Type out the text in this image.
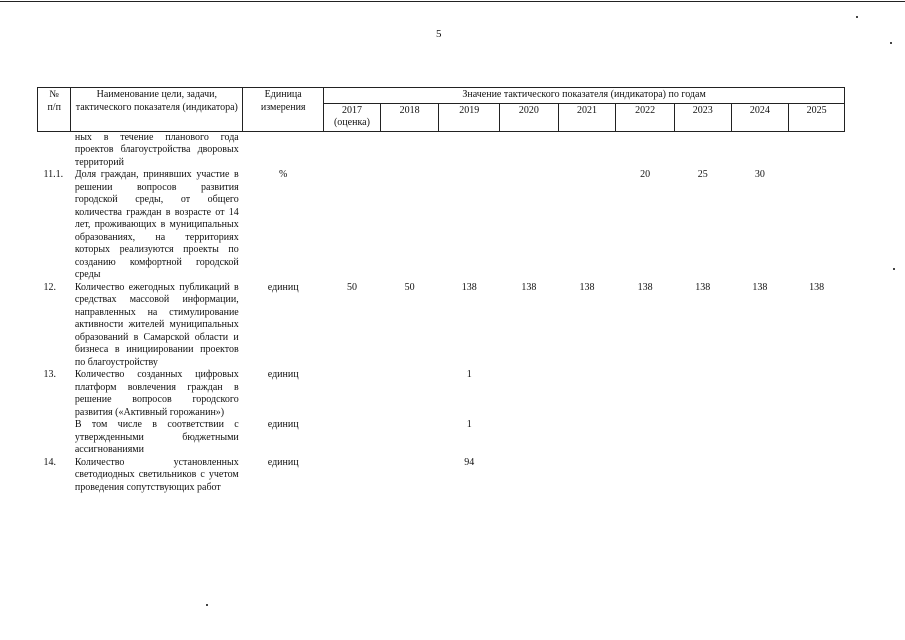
5
№
п/п	Наименование цели, задачи, тактического показателя (индикатора)	Единица измерения	Значение тактического показателя (индикатора) по годам								
			2017 (оценка)	2018	2019	2020	2021	2022	2023	2024	2025
	ных в течение планового года проектов благоустройства дворовых территорий										
11.1.	Доля граждан, принявших участие в решении вопросов развития городской среды, от общего количества граждан в возрасте от 14 лет, проживающих в муниципальных образованиях, на территориях которых реализуются проекты по созданию комфортной городской среды	%						20	25	30	
12.	Количество ежегодных публикаций в средствах массовой информации, направленных на стимулирование активности жителей муниципальных образований в Самарской области и бизнеса в инициировании проектов по благоустройству	единиц	50	50	138	138	138	138	138	138	138
13.	Количество созданных цифровых платформ вовлечения граждан в решение вопросов городского развития («Активный горожанин»)	единиц			1						
	В том числе в соответствии с утвержденными бюджетными ассигнованиями	единиц			1						
14.	Количество установленных светодиодных светильников с учетом проведения сопутствующих работ	единиц			94						
